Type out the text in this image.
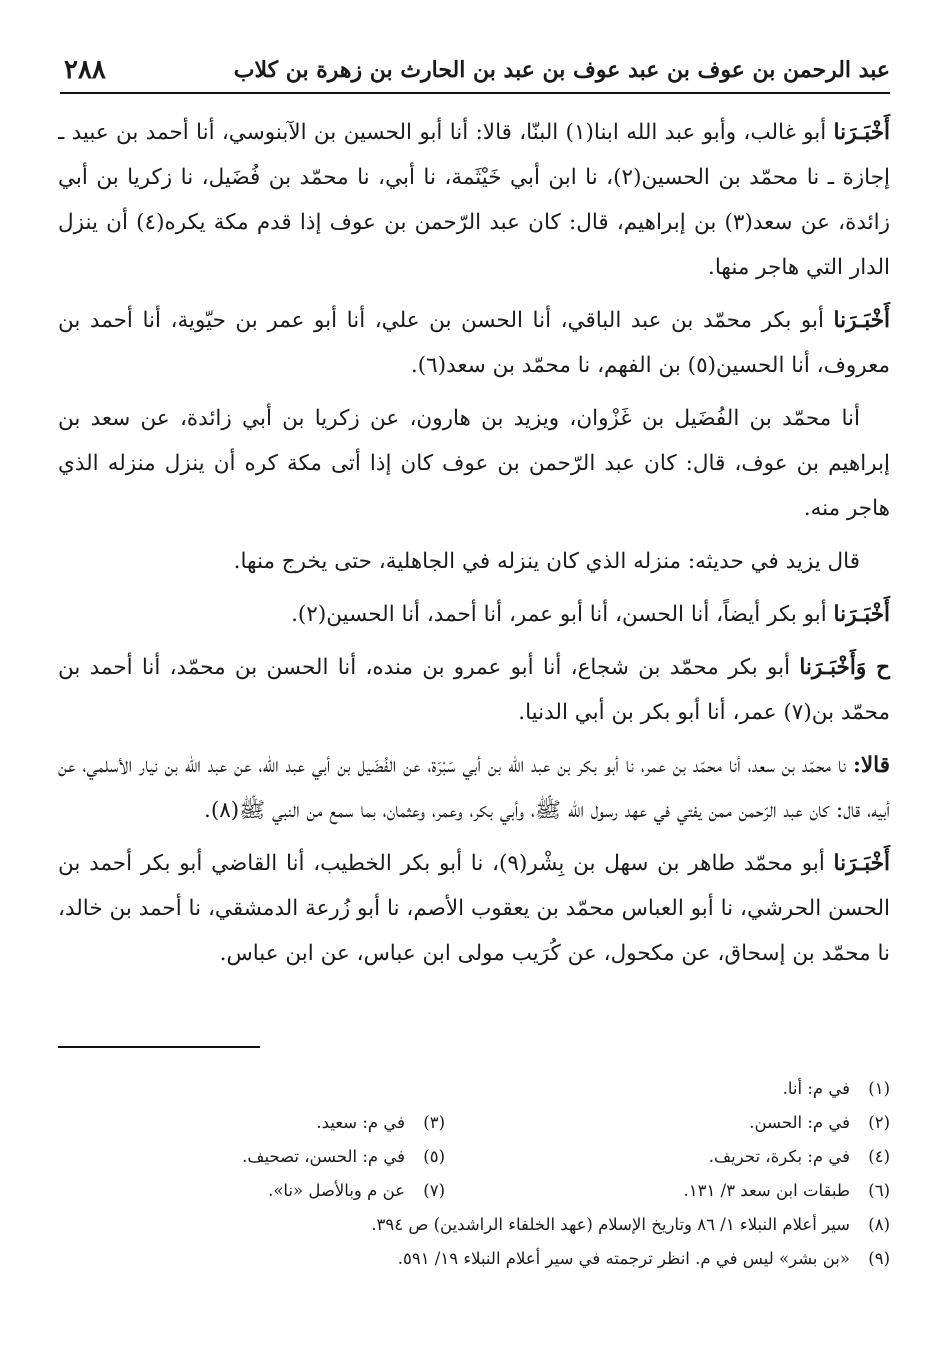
عبد الرحمن بن عوف بن عبد عوف بن عبد بن الحارث بن زهرة بن كلاب
٢٨٨

أَخْبَـرَنا أبو غالب، وأبو عبد الله ابنا(١) البنّا، قالا: أنا أبو الحسين بن الآبنوسي، أنا أحمد بن عبيد ـ إجازة ـ نا محمّد بن الحسين(٢)، نا ابن أبي خَيْثَمة، نا أبي، نا محمّد بن فُضَيل، نا زكريا بن أبي زائدة، عن سعد(٣) بن إبراهيم، قال: كان عبد الرّحمن بن عوف إذا قدم مكة يكره(٤) أن ينزل الدار التي هاجر منها.

أَخْبَـرَنا أبو بكر محمّد بن عبد الباقي، أنا الحسن بن علي، أنا أبو عمر بن حيّوية، أنا أحمد بن معروف، أنا الحسين(٥) بن الفهم، نا محمّد بن سعد(٦).

أنا محمّد بن الفُضَيل بن غَزْوان، ويزيد بن هارون، عن زكريا بن أبي زائدة، عن سعد بن إبراهيم بن عوف، قال: كان عبد الرّحمن بن عوف كان إذا أتى مكة كره أن ينزل منزله الذي هاجر منه.

قال يزيد في حديثه: منزله الذي كان ينزله في الجاهلية، حتى يخرج منها.

أَخْبَـرَنا أبو بكر أيضاً، أنا الحسن، أنا أبو عمر، أنا أحمد، أنا الحسين(٢).

ح وَأَخْبَـرَنا أبو بكر محمّد بن شجاع، أنا أبو عمرو بن منده، أنا الحسن بن محمّد، أنا أحمد بن محمّد بن(٧) عمر، أنا أبو بكر بن أبي الدنيا.

قالا: نا محمّد بن سعد، أنا محمّد بن عمر، نا أبو بكر بن عبد الله بن أبي سَبْرَة، عن الفُضَيل بن أبي عبد الله، عن عبد الله بن نيار الأسلمي، عن أبيه، قال: كان عبد الرّحمن ممن يفتي في عهد رسول الله ﷺ، وأبي بكر، وعمر، وعثمان، بما سمع من النبي ﷺ(٨).

أَخْبَـرَنا أبو محمّد طاهر بن سهل بن بِشْر(٩)، نا أبو بكر الخطيب، أنا القاضي أبو بكر أحمد بن الحسن الحرشي، نا أبو العباس محمّد بن يعقوب الأصم، نا أبو زُرعة الدمشقي، نا أحمد بن خالد، نا محمّد بن إسحاق، عن مكحول، عن كُرَيب مولى ابن عباس، عن ابن عباس.

(١)في م: أنا.
(٢)في م: الحسن.
(٣)في م: سعيد.
(٤)في م: بكرة، تحريف.
(٥)في م: الحسن، تصحيف.
(٦)طبقات ابن سعد ٣/ ١٣١.
(٧)عن م وبالأصل «نا».
(٨)سير أعلام النبلاء ١/ ٨٦ وتاريخ الإسلام (عهد الخلفاء الراشدين) ص ٣٩٤.
(٩)«بن بشر» ليس في م. انظر ترجمته في سير أعلام النبلاء ١٩/ ٥٩١.
